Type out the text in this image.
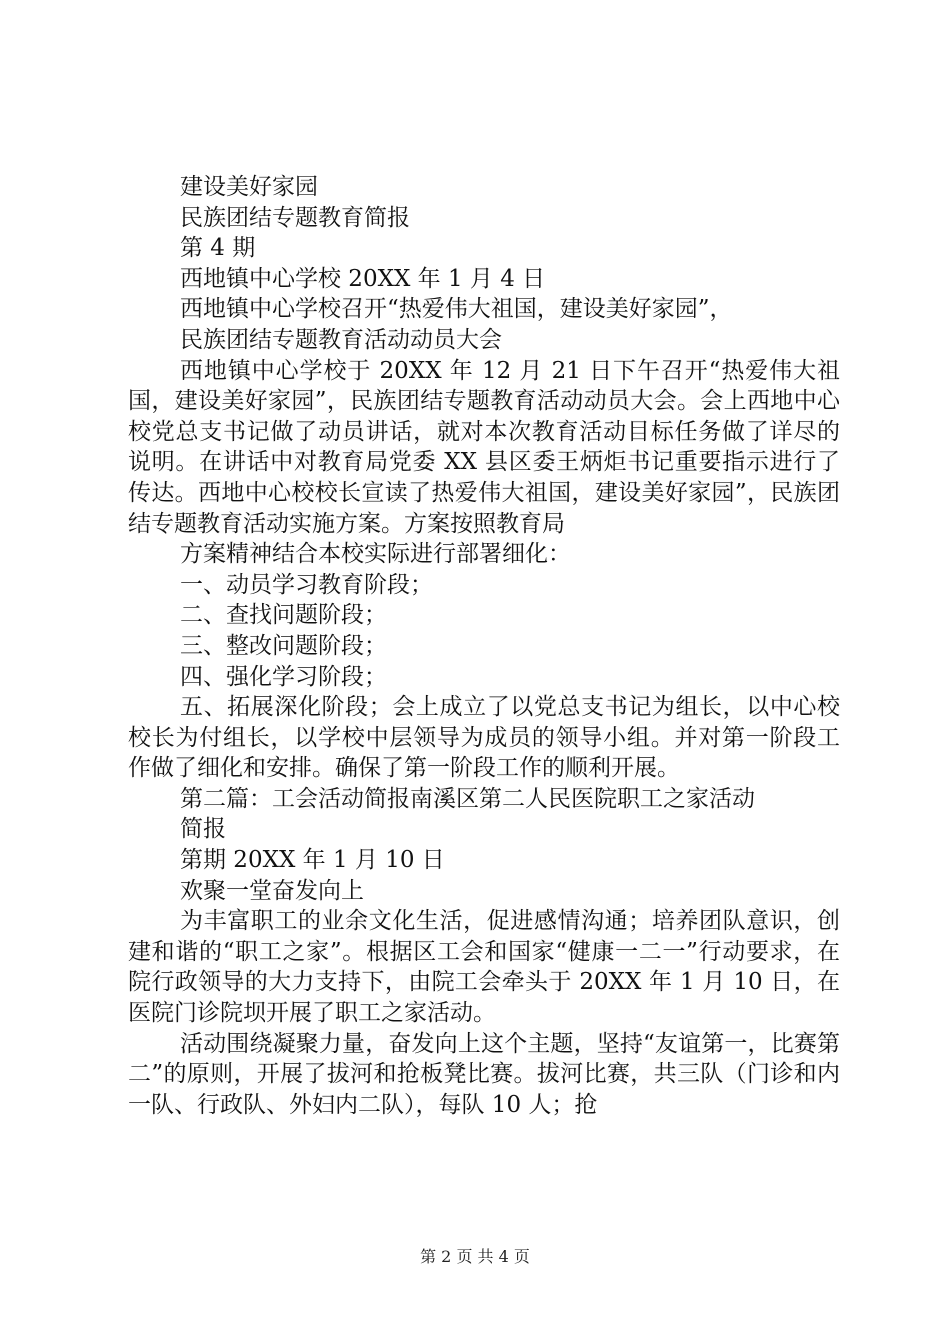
建设美好家园

民族团结专题教育简报

第 4 期

西地镇中心学校 20XX 年 1 月 4 日

西地镇中心学校召开“热爱伟大祖国，建设美好家园”，

民族团结专题教育活动动员大会

西地镇中心学校于 20XX 年 12 月 21 日下午召开“热爱伟大祖国，建设美好家园”，民族团结专题教育活动动员大会。会上西地中心校党总支书记做了动员讲话，就对本次教育活动目标任务做了详尽的说明。在讲话中对教育局党委 XX 县区委王炳炬书记重要指示进行了传达。西地中心校校长宣读了热爱伟大祖国，建设美好家园”，民族团结专题教育活动实施方案。方案按照教育局

方案精神结合本校实际进行部署细化：

一、动员学习教育阶段；

二、查找问题阶段；

三、整改问题阶段；

四、强化学习阶段；

五、拓展深化阶段；会上成立了以党总支书记为组长，以中心校校长为付组长，以学校中层领导为成员的领导小组。并对第一阶段工作做了细化和安排。确保了第一阶段工作的顺利开展。

第二篇：工会活动简报南溪区第二人民医院职工之家活动

简报

第期 20XX 年 1 月 10 日

欢聚一堂奋发向上

为丰富职工的业余文化生活，促进感情沟通；培养团队意识，创建和谐的“职工之家”。根据区工会和国家“健康一二一”行动要求，在院行政领导的大力支持下，由院工会牵头于 20XX 年 1 月 10 日，在医院门诊院坝开展了职工之家活动。

活动围绕凝聚力量，奋发向上这个主题，坚持“友谊第一，比赛第二”的原则，开展了拔河和抢板凳比赛。拔河比赛，共三队（门诊和内一队、行政队、外妇内二队），每队 10 人；抢

第 2 页 共 4 页
